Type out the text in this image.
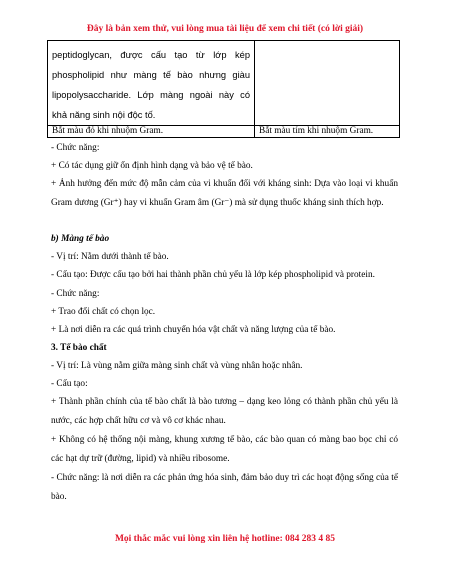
Đây là bản xem thử, vui lòng mua tài liệu để xem chi tiết (có lời giải)
peptidoglycan, được cấu tạo từ lớp kép
phospholipid như màng tế bào nhưng giàu
lipopolysaccharide. Lớp màng ngoài này có
khả năng sinh nội độc tố.	

Bắt màu đỏ khi nhuộm Gram.	Bắt màu tím khi nhuộm Gram.

- Chức năng:

+ Có tác dụng giữ ổn định hình dạng và bảo vệ tế bào.

+ Ảnh hưởng đến mức độ mẫn cảm của vi khuẩn đối với kháng sinh: Dựa vào loại vi khuẩn Gram dương (Gr⁺) hay vi khuẩn Gram âm (Gr⁻) mà sử dụng thuốc kháng sinh thích hợp.

b) Màng tế bào

- Vị trí: Nằm dưới thành tế bào.

- Cấu tạo: Được cấu tạo bởi hai thành phần chủ yếu là lớp kép phospholipid và protein.

- Chức năng:

+ Trao đổi chất có chọn lọc.

+ Là nơi diễn ra các quá trình chuyển hóa vật chất và năng lượng của tế bào.

3. Tế bào chất

- Vị trí: Là vùng nằm giữa màng sinh chất và vùng nhân hoặc nhân.

- Cấu tạo:

+ Thành phần chính của tế bào chất là bào tương – dạng keo lỏng có thành phần chủ yếu là nước, các hợp chất hữu cơ và vô cơ khác nhau.

+ Không có hệ thống nội màng, khung xương tế bào, các bào quan có màng bao bọc chỉ có các hạt dự trữ (đường, lipid) và nhiều ribosome.

- Chức năng: là nơi diễn ra các phản ứng hóa sinh, đảm bảo duy trì các hoạt động sống của tế bào.

Mọi thắc mắc vui lòng xin liên hệ hotline: 084 283 4 85
